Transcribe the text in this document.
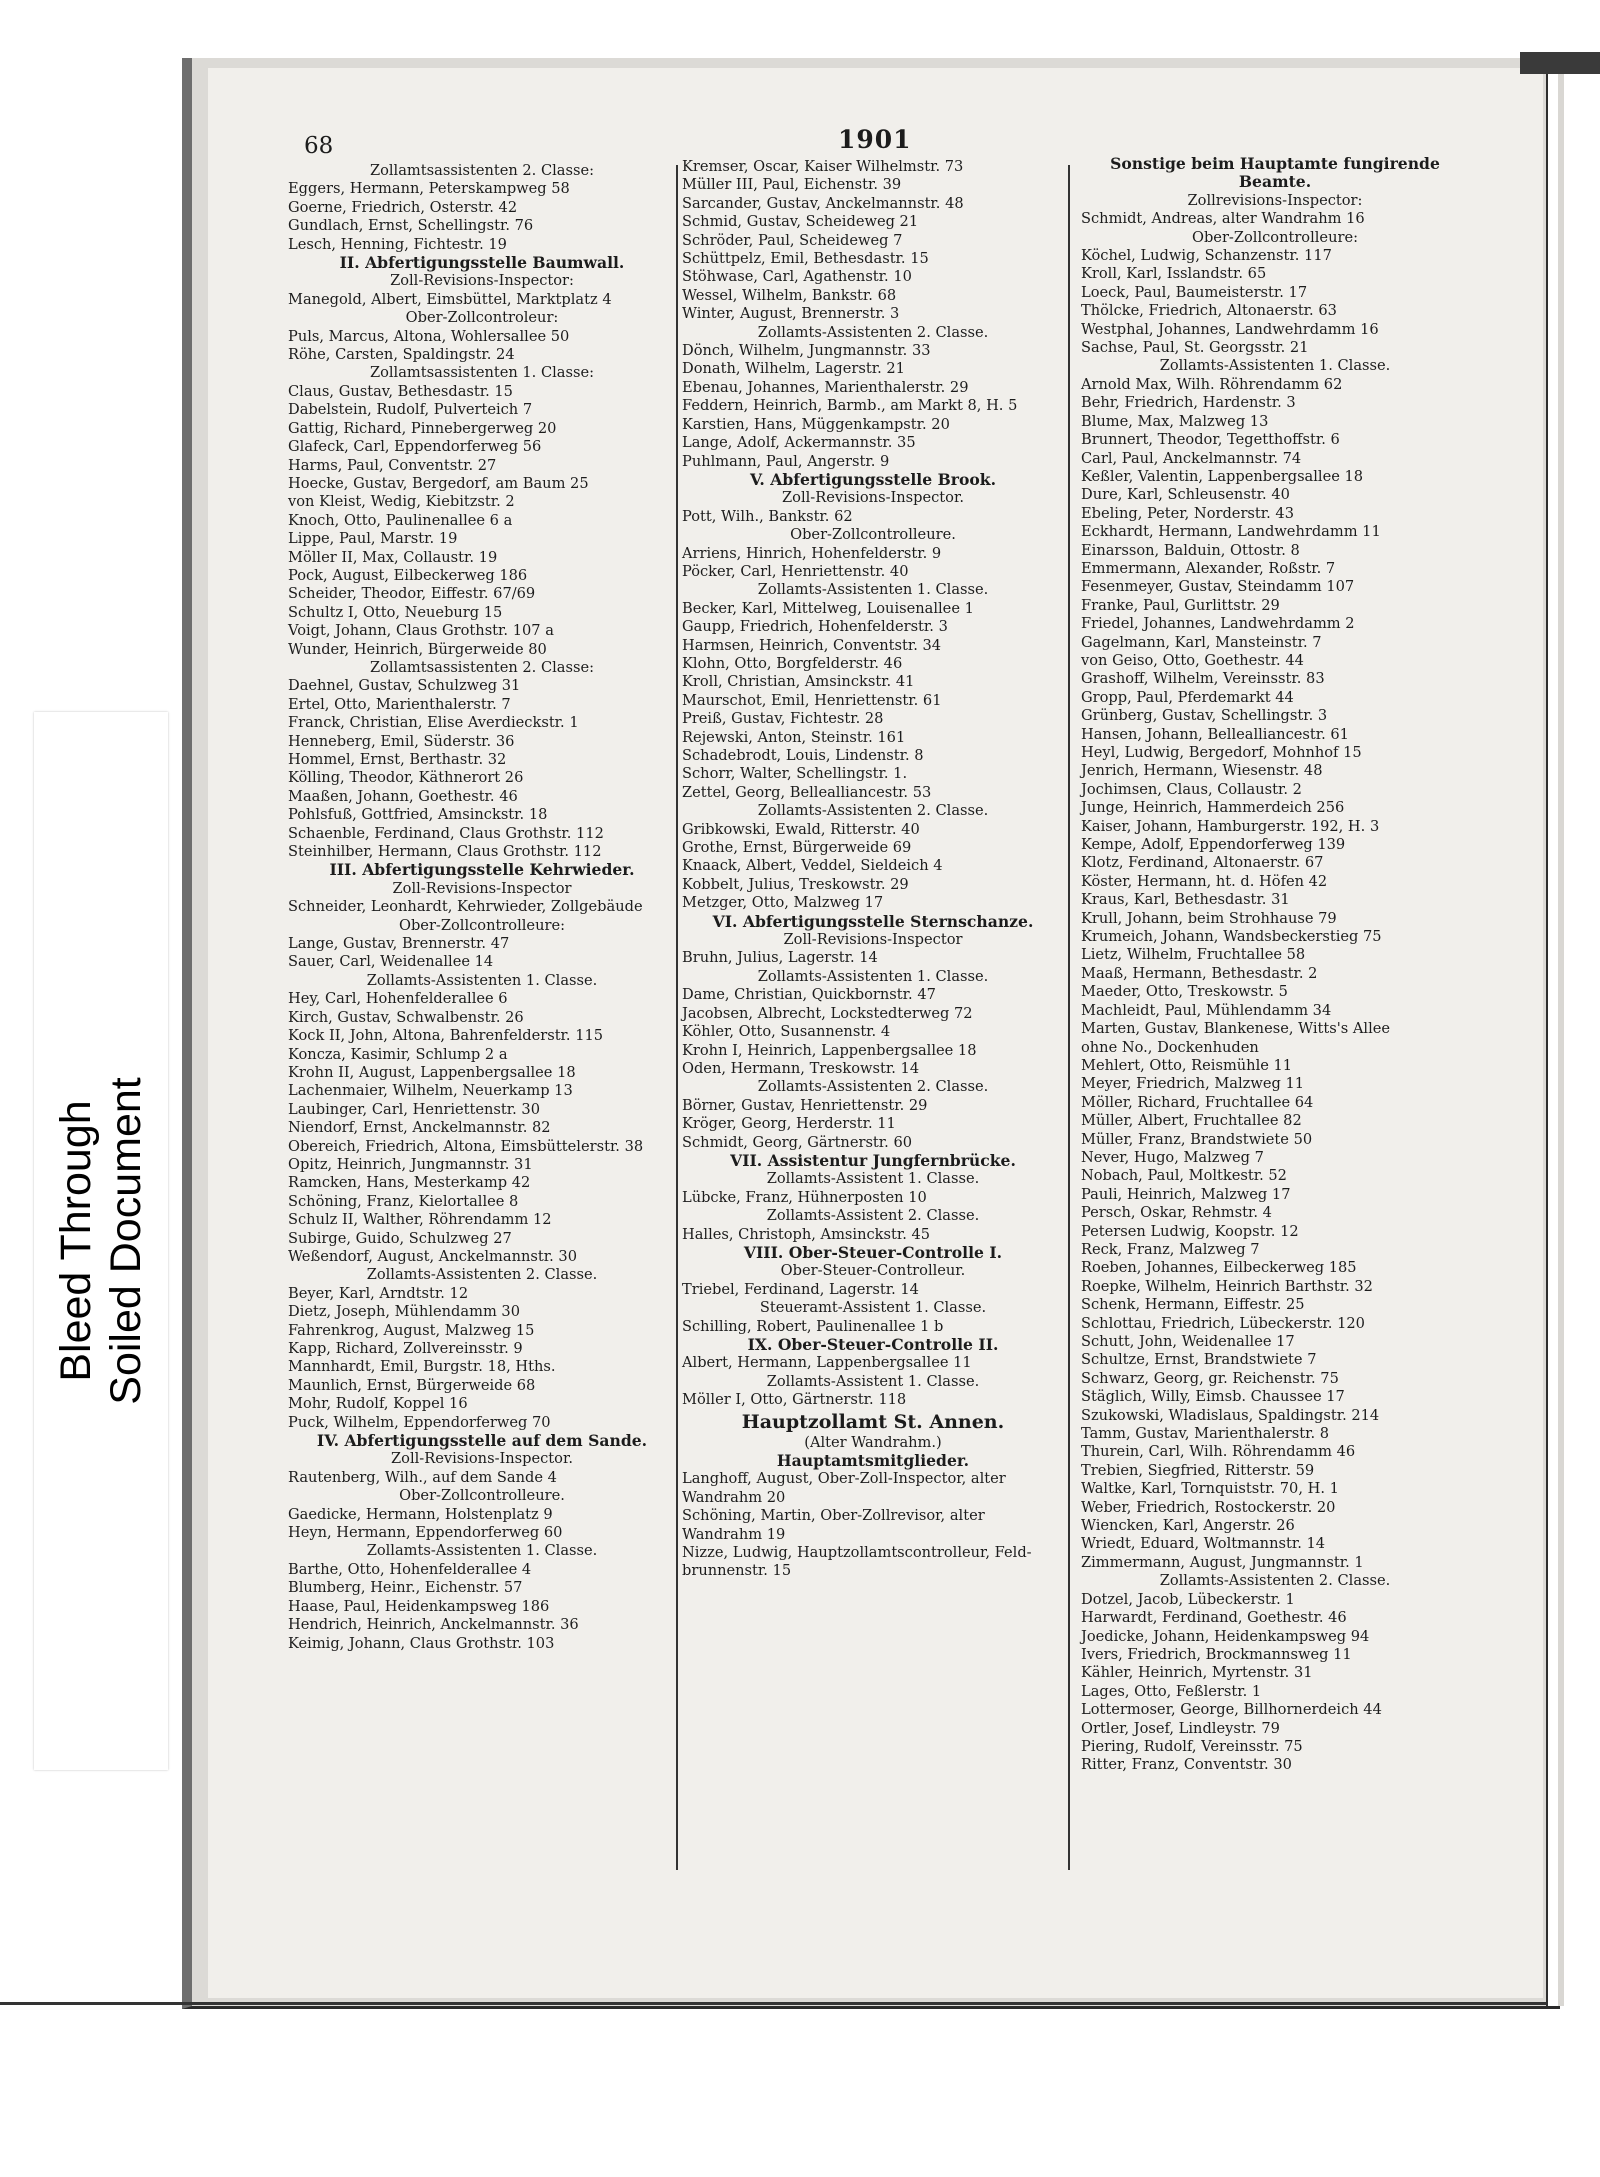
68	1901
Zollamtsassistenten 2. Classe:
Eggers, Hermann, Peterskampweg 58
Goerne, Friedrich, Osterstr. 42
Gundlach, Ernst, Schellingstr. 76
Lesch, Henning, Fichtestr. 19
II. Abfertigungsstelle Baumwall.
Zoll-Revisions-Inspector:
Manegold, Albert, Eimsbüttel, Marktplatz 4
Ober-Zollcontroleur:
Puls, Marcus, Altona, Wohlersallee 50
Röhe, Carsten, Spaldingstr. 24
Zollamtsassistenten 1. Classe:
Claus, Gustav, Bethesdastr. 15
Dabelstein, Rudolf, Pulverteich 7
Gattig, Richard, Pinnebergerweg 20
Glafeck, Carl, Eppendorferweg 56
Harms, Paul, Conventstr. 27
Hoecke, Gustav, Bergedorf, am Baum 25
von Kleist, Wedig, Kiebitzstr. 2
Knoch, Otto, Paulinenallee 6 a
Lippe, Paul, Marstr. 19
Möller II, Max, Collaustr. 19
Pock, August, Eilbeckerweg 186
Scheider, Theodor, Eiffestr. 67/69
Schultz I, Otto, Neueburg 15
Voigt, Johann, Claus Grothstr. 107 a
Wunder, Heinrich, Bürgerweide 80
Zollamtsassistenten 2. Classe:
Daehnel, Gustav, Schulzweg 31
Ertel, Otto, Marienthalerstr. 7
Franck, Christian, Elise Averdieckstr. 1
Henneberg, Emil, Süderstr. 36
Hommel, Ernst, Berthastr. 32
Kölling, Theodor, Käthnerort 26
Maaßen, Johann, Goethestr. 46
Pohlsfuß, Gottfried, Amsinckstr. 18
Schaenble, Ferdinand, Claus Grothstr. 112
Steinhilber, Hermann, Claus Grothstr. 112
III. Abfertigungsstelle Kehrwieder.
Zoll-Revisions-Inspector
Schneider, Leonhardt, Kehrwieder, Zollgebäude
Ober-Zollcontrolleure:
Lange, Gustav, Brennerstr. 47
Sauer, Carl, Weidenallee 14
Zollamts-Assistenten 1. Classe.
Hey, Carl, Hohenfelderallee 6
Kirch, Gustav, Schwalbenstr. 26
Kock II, John, Altona, Bahrenfelderstr. 115
Koncza, Kasimir, Schlump 2 a
Krohn II, August, Lappenbergsallee 18
Lachenmaier, Wilhelm, Neuerkamp 13
Laubinger, Carl, Henriettenstr. 30
Niendorf, Ernst, Anckelmannstr. 82
Obereich, Friedrich, Altona, Eimsbüttelerstr. 38
Opitz, Heinrich, Jungmannstr. 31
Ramcken, Hans, Mesterkamp 42
Schöning, Franz, Kielortallee 8
Schulz II, Walther, Röhrendamm 12
Subirge, Guido, Schulzweg 27
Weßendorf, August, Anckelmannstr. 30
Zollamts-Assistenten 2. Classe.
Beyer, Karl, Arndtstr. 12
Dietz, Joseph, Mühlendamm 30
Fahrenkrog, August, Malzweg 15
Kapp, Richard, Zollvereinsstr. 9
Mannhardt, Emil, Burgstr. 18, Hths.
Maunlich, Ernst, Bürgerweide 68
Mohr, Rudolf, Koppel 16
Puck, Wilhelm, Eppendorferweg 70
IV. Abfertigungsstelle auf dem Sande.
Zoll-Revisions-Inspector.
Rautenberg, Wilh., auf dem Sande 4
Ober-Zollcontrolleure.
Gaedicke, Hermann, Holstenplatz 9
Heyn, Hermann, Eppendorferweg 60
Zollamts-Assistenten 1. Classe.
Barthe, Otto, Hohenfelderallee 4
Blumberg, Heinr., Eichenstr. 57
Haase, Paul, Heidenkampsweg 186
Hendrich, Heinrich, Anckelmannstr. 36
Keimig, Johann, Claus Grothstr. 103
Kremser, Oscar, Kaiser Wilhelmstr. 73
Müller III, Paul, Eichenstr. 39
Sarcander, Gustav, Anckelmannstr. 48
Schmid, Gustav, Scheideweg 21
Schröder, Paul, Scheideweg 7
Schüttpelz, Emil, Bethesdastr. 15
Stöhwase, Carl, Agathenstr. 10
Wessel, Wilhelm, Bankstr. 68
Winter, August, Brennerstr. 3
Zollamts-Assistenten 2. Classe.
Dönch, Wilhelm, Jungmannstr. 33
Donath, Wilhelm, Lagerstr. 21
Ebenau, Johannes, Marienthalerstr. 29
Feddern, Heinrich, Barmb., am Markt 8, H. 5
Karstien, Hans, Müggenkampstr. 20
Lange, Adolf, Ackermannstr. 35
Puhlmann, Paul, Angerstr. 9
V. Abfertigungsstelle Brook.
Zoll-Revisions-Inspector.
Pott, Wilh., Bankstr. 62
Ober-Zollcontrolleure.
Arriens, Hinrich, Hohenfelderstr. 9
Pöcker, Carl, Henriettenstr. 40
Zollamts-Assistenten 1. Classe.
Becker, Karl, Mittelweg, Louisenallee 1
Gaupp, Friedrich, Hohenfelderstr. 3
Harmsen, Heinrich, Conventstr. 34
Klohn, Otto, Borgfelderstr. 46
Kroll, Christian, Amsinckstr. 41
Maurschot, Emil, Henriettenstr. 61
Preiß, Gustav, Fichtestr. 28
Rejewski, Anton, Steinstr. 161
Schadebrodt, Louis, Lindenstr. 8
Schorr, Walter, Schellingstr. 1.
Zettel, Georg, Bellealliancestr. 53
Zollamts-Assistenten 2. Classe.
Gribkowski, Ewald, Ritterstr. 40
Grothe, Ernst, Bürgerweide 69
Knaack, Albert, Veddel, Sieldeich 4
Kobbelt, Julius, Treskowstr. 29
Metzger, Otto, Malzweg 17
VI. Abfertigungsstelle Sternschanze.
Zoll-Revisions-Inspector
Bruhn, Julius, Lagerstr. 14
Zollamts-Assistenten 1. Classe.
Dame, Christian, Quickbornstr. 47
Jacobsen, Albrecht, Lockstedterweg 72
Köhler, Otto, Susannenstr. 4
Krohn I, Heinrich, Lappenbergsallee 18
Oden, Hermann, Treskowstr. 14
Zollamts-Assistenten 2. Classe.
Börner, Gustav, Henriettenstr. 29
Kröger, Georg, Herderstr. 11
Schmidt, Georg, Gärtnerstr. 60
VII. Assistentur Jungfernbrücke.
Zollamts-Assistent 1. Classe.
Lübcke, Franz, Hühnerposten 10
Zollamts-Assistent 2. Classe.
Halles, Christoph, Amsinckstr. 45
VIII. Ober-Steuer-Controlle I.
Ober-Steuer-Controlleur.
Triebel, Ferdinand, Lagerstr. 14
Steueramt-Assistent 1. Classe.
Schilling, Robert, Paulinenallee 1 b
IX. Ober-Steuer-Controlle II.
Albert, Hermann, Lappenbergsallee 11
Zollamts-Assistent 1. Classe.
Möller I, Otto, Gärtnerstr. 118
Hauptzollamt St. Annen.
(Alter Wandrahm.)
Hauptamtsmitglieder.
Langhoff, August, Ober-Zoll-Inspector, alter
Wandrahm 20
Schöning, Martin, Ober-Zollrevisor, alter
Wandrahm 19
Nizze, Ludwig, Hauptzollamtscontrolleur, Feld-
brunnenstr. 15
Sonstige beim Hauptamte fungirende
Beamte.
Zollrevisions-Inspector:
Schmidt, Andreas, alter Wandrahm 16
Ober-Zollcontrolleure:
Köchel, Ludwig, Schanzenstr. 117
Kroll, Karl, Isslandstr. 65
Loeck, Paul, Baumeisterstr. 17
Thölcke, Friedrich, Altonaerstr. 63
Westphal, Johannes, Landwehrdamm 16
Sachse, Paul, St. Georgsstr. 21
Zollamts-Assistenten 1. Classe.
Arnold Max, Wilh. Röhrendamm 62
Behr, Friedrich, Hardenstr. 3
Blume, Max, Malzweg 13
Brunnert, Theodor, Tegetthoffstr. 6
Carl, Paul, Anckelmannstr. 74
Keßler, Valentin, Lappenbergsallee 18
Dure, Karl, Schleusenstr. 40
Ebeling, Peter, Norderstr. 43
Eckhardt, Hermann, Landwehrdamm 11
Einarsson, Balduin, Ottostr. 8
Emmermann, Alexander, Roßstr. 7
Fesenmeyer, Gustav, Steindamm 107
Franke, Paul, Gurlittstr. 29
Friedel, Johannes, Landwehrdamm 2
Gagelmann, Karl, Mansteinstr. 7
von Geiso, Otto, Goethestr. 44
Grashoff, Wilhelm, Vereinsstr. 83
Gropp, Paul, Pferdemarkt 44
Grünberg, Gustav, Schellingstr. 3
Hansen, Johann, Bellealliancestr. 61
Heyl, Ludwig, Bergedorf, Mohnhof 15
Jenrich, Hermann, Wiesenstr. 48
Jochimsen, Claus, Collaustr. 2
Junge, Heinrich, Hammerdeich 256
Kaiser, Johann, Hamburgerstr. 192, H. 3
Kempe, Adolf, Eppendorferweg 139
Klotz, Ferdinand, Altonaerstr. 67
Köster, Hermann, ht. d. Höfen 42
Kraus, Karl, Bethesdastr. 31
Krull, Johann, beim Strohhause 79
Krumeich, Johann, Wandsbeckerstieg 75
Lietz, Wilhelm, Fruchtallee 58
Maaß, Hermann, Bethesdastr. 2
Maeder, Otto, Treskowstr. 5
Machleidt, Paul, Mühlendamm 34
Marten, Gustav, Blankenese, Witts's Allee
ohne No., Dockenhuden
Mehlert, Otto, Reismühle 11
Meyer, Friedrich, Malzweg 11
Möller, Richard, Fruchtallee 64
Müller, Albert, Fruchtallee 82
Müller, Franz, Brandstwiete 50
Never, Hugo, Malzweg 7
Nobach, Paul, Moltkestr. 52
Pauli, Heinrich, Malzweg 17
Persch, Oskar, Rehmstr. 4
Petersen Ludwig, Koopstr. 12
Reck, Franz, Malzweg 7
Roeben, Johannes, Eilbeckerweg 185
Roepke, Wilhelm, Heinrich Barthstr. 32
Schenk, Hermann, Eiffestr. 25
Schlottau, Friedrich, Lübeckerstr. 120
Schutt, John, Weidenallee 17
Schultze, Ernst, Brandstwiete 7
Schwarz, Georg, gr. Reichenstr. 75
Stäglich, Willy, Eimsb. Chaussee 17
Szukowski, Wladislaus, Spaldingstr. 214
Tamm, Gustav, Marienthalerstr. 8
Thurein, Carl, Wilh. Röhrendamm 46
Trebien, Siegfried, Ritterstr. 59
Waltke, Karl, Tornquiststr. 70, H. 1
Weber, Friedrich, Rostockerstr. 20
Wiencken, Karl, Angerstr. 26
Wriedt, Eduard, Woltmannstr. 14
Zimmermann, August, Jungmannstr. 1
Zollamts-Assistenten 2. Classe.
Dotzel, Jacob, Lübeckerstr. 1
Harwardt, Ferdinand, Goethestr. 46
Joedicke, Johann, Heidenkampsweg 94
Ivers, Friedrich, Brockmannsweg 11
Kähler, Heinrich, Myrtenstr. 31
Lages, Otto, Feßlerstr. 1
Lottermoser, George, Billhornerdeich 44
Ortler, Josef, Lindleystr. 79
Piering, Rudolf, Vereinsstr. 75
Ritter, Franz, Conventstr. 30
Bleed Through Soiled Document
